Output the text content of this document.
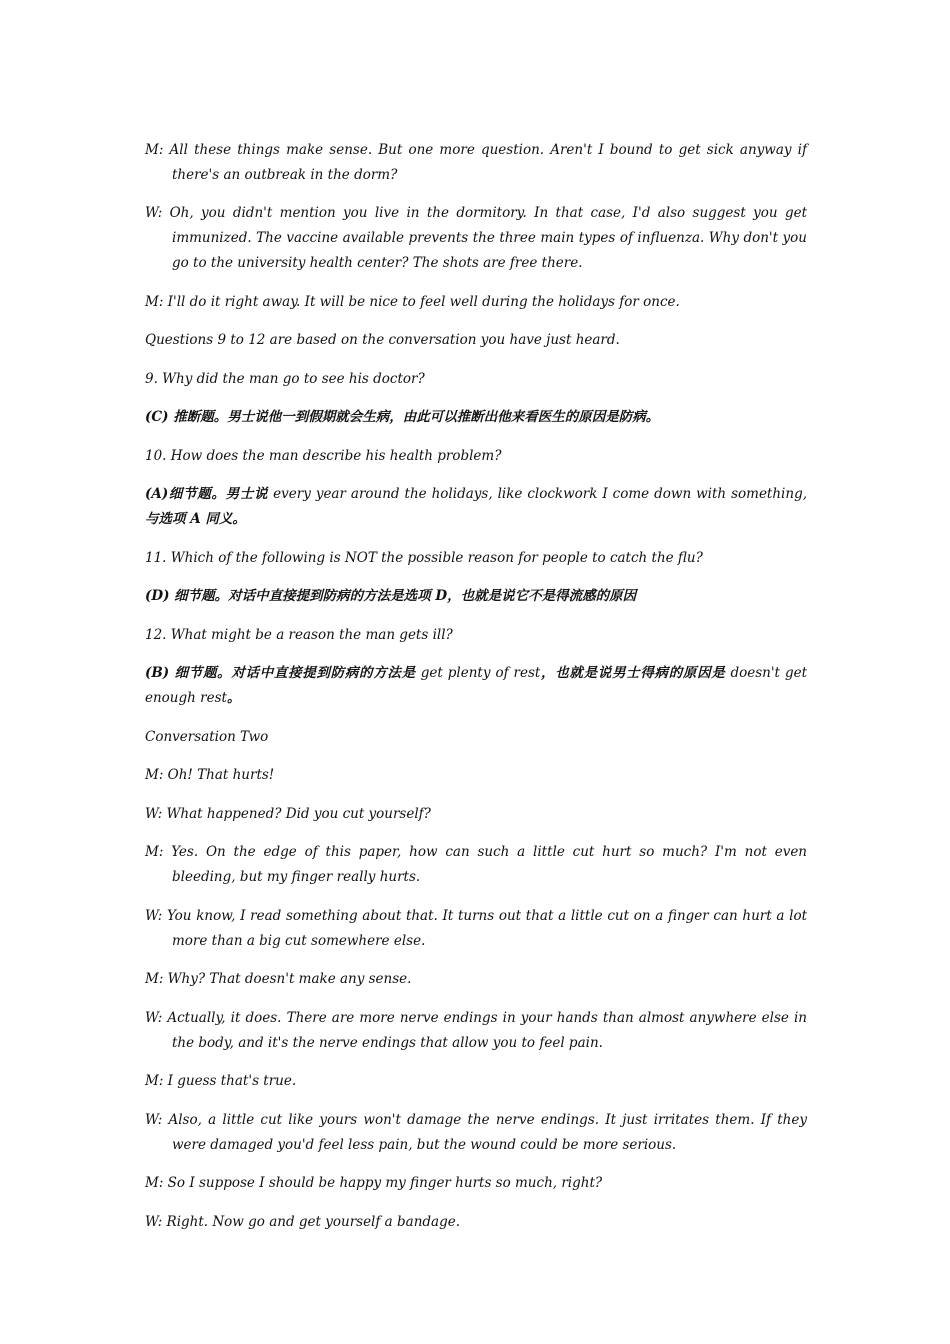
M: All these things make sense. But one more question. Aren't I bound to get sick anyway if there's an outbreak in the dorm?

W: Oh, you didn't mention you live in the dormitory. In that case, I'd also suggest you get immunized. The vaccine available prevents the three main types of influenza. Why don't you go to the university health center? The shots are free there.

M: I'll do it right away. It will be nice to feel well during the holidays for once.

Questions 9 to 12 are based on the conversation you have just heard.

9. Why did the man go to see his doctor?

(C) 推断题。男士说他一到假期就会生病，由此可以推断出他来看医生的原因是防病。

10. How does the man describe his health problem?

(A)细节题。男士说 every year around the holidays, like clockwork I come down with something, 与选项 A 同义。

11. Which of the following is NOT the possible reason for people to catch the flu?

(D) 细节题。对话中直接提到防病的方法是选项 D，也就是说它不是得流感的原因

12. What might be a reason the man gets ill?

(B) 细节题。对话中直接提到防病的方法是 get plenty of rest，也就是说男士得病的原因是 doesn't get enough rest。

Conversation Two

M: Oh! That hurts!

W: What happened? Did you cut yourself?

M: Yes. On the edge of this paper, how can such a little cut hurt so much? I'm not even bleeding, but my finger really hurts.

W: You know, I read something about that. It turns out that a little cut on a finger can hurt a lot more than a big cut somewhere else.

M: Why? That doesn't make any sense.

W: Actually, it does. There are more nerve endings in your hands than almost anywhere else in the body, and it's the nerve endings that allow you to feel pain.

M: I guess that's true.

W: Also, a little cut like yours won't damage the nerve endings. It just irritates them. If they were damaged you'd feel less pain, but the wound could be more serious.

M: So I suppose I should be happy my finger hurts so much, right?

W: Right. Now go and get yourself a bandage.
